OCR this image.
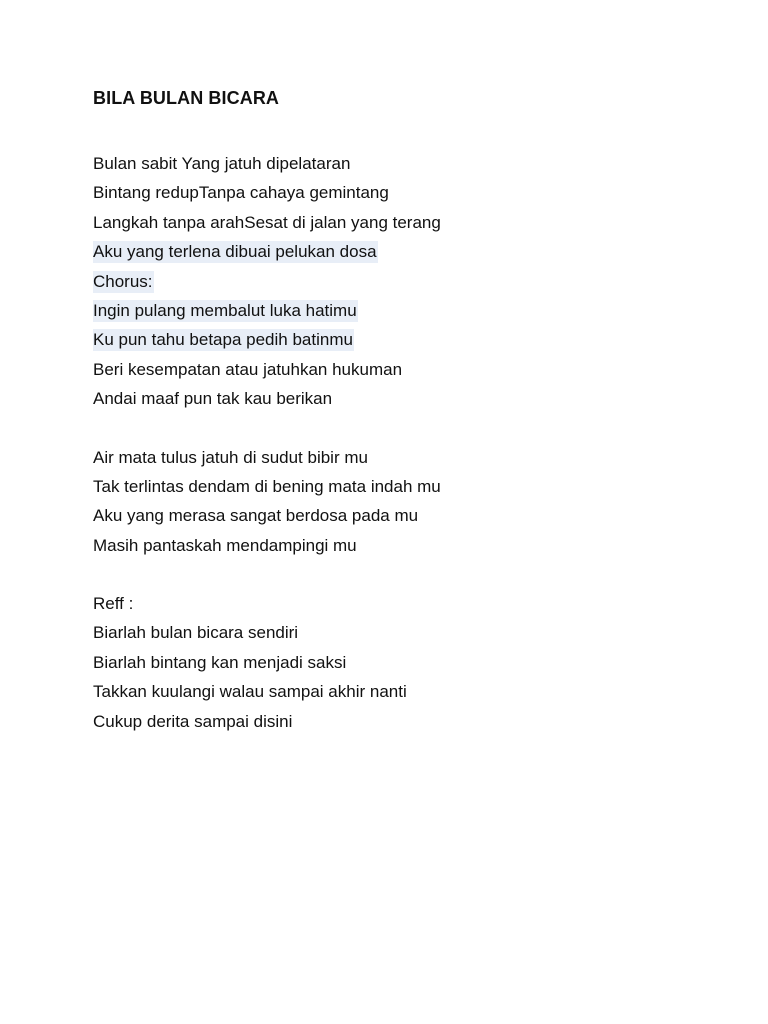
BILA BULAN BICARA
Bulan sabit Yang jatuh dipelataran
Bintang redupTanpa cahaya gemintang
Langkah tanpa arahSesat di jalan yang terang
Aku yang terlena dibuai pelukan dosa
Chorus:
Ingin pulang membalut luka hatimu
Ku pun tahu betapa pedih batinmu
Beri kesempatan atau jatuhkan hukuman
Andai maaf pun tak kau berikan
Air mata tulus jatuh di sudut bibir mu
Tak terlintas dendam di bening mata indah mu
Aku yang merasa sangat berdosa pada mu
Masih pantaskah mendampingi mu
Reff :
Biarlah bulan bicara sendiri
Biarlah bintang kan menjadi saksi
Takkan kuulangi walau sampai akhir nanti
Cukup derita sampai disini
